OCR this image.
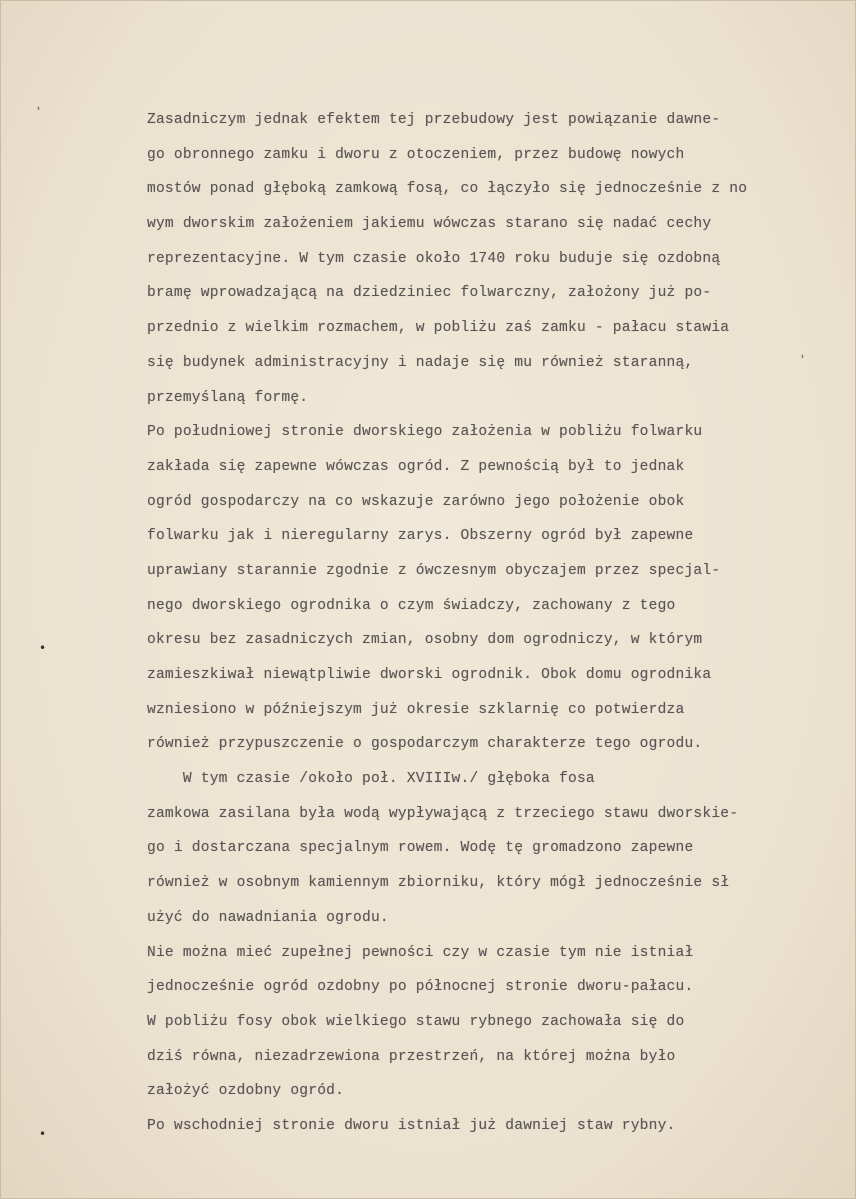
ʾ
•
•
ʾ
Zasadniczym jednak efektem tej przebudowy jest powiązanie dawne-
go obronnego zamku i dworu z otoczeniem, przez budowę nowych
mostów ponad głęboką zamkową fosą, co łączyło się jednocześnie z no
wym dworskim założeniem jakiemu wówczas starano się nadać cechy
reprezentacyjne. W tym czasie około 1740 roku buduje się ozdobną
bramę wprowadzającą na dziedziniec folwarczny, założony już po-
przednio z wielkim rozmachem, w pobliżu zaś zamku - pałacu stawia
się budynek administracyjny i nadaje się mu również staranną,
przemyślaną formę.
Po południowej stronie dworskiego założenia w pobliżu folwarku
zakłada się zapewne wówczas ogród. Z pewnością był to jednak
ogród gospodarczy na co wskazuje zarówno jego położenie obok
folwarku jak i nieregularny zarys. Obszerny ogród był zapewne
uprawiany starannie zgodnie z ówczesnym obyczajem przez specjal-
nego dworskiego ogrodnika o czym świadczy, zachowany z tego
okresu bez zasadniczych zmian, osobny dom ogrodniczy, w którym
zamieszkiwał niewątpliwie dworski ogrodnik. Obok domu ogrodnika
wzniesiono w późniejszym już okresie szklarnię co potwierdza
również przypuszczenie o gospodarczym charakterze tego ogrodu.
W tym czasie /około poł. XVIIIw./ głęboka fosa
zamkowa zasilana była wodą wypływającą z trzeciego stawu dworskie-
go i dostarczana specjalnym rowem. Wodę tę gromadzono zapewne
również w osobnym kamiennym zbiorniku, który mógł jednocześnie sł
użyć do nawadniania ogrodu.
Nie można mieć zupełnej pewności czy w czasie tym nie istniał
jednocześnie ogród ozdobny po północnej stronie dworu-pałacu.
W pobliżu fosy obok wielkiego stawu rybnego zachowała się do
dziś równa, niezadrzewiona przestrzeń, na której można było
założyć ozdobny ogród.
Po wschodniej stronie dworu istniał już dawniej staw rybny.
